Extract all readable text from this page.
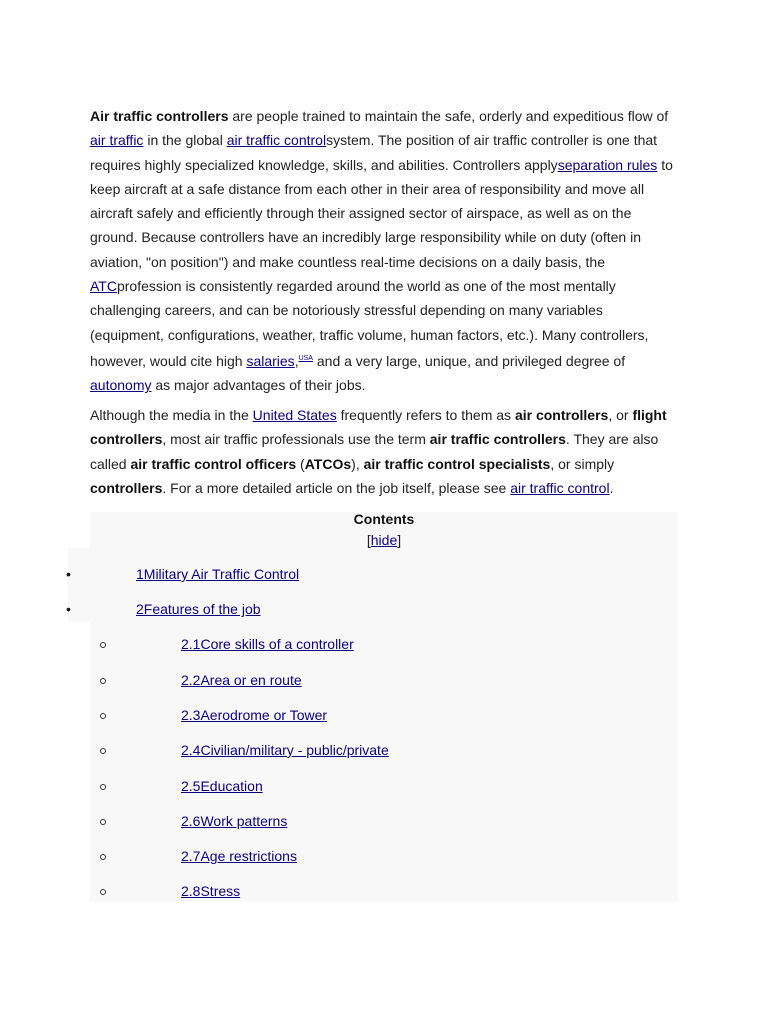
Air traffic controllers are people trained to maintain the safe, orderly and expeditious flow of air traffic in the global air traffic controlsystem. The position of air traffic controller is one that requires highly specialized knowledge, skills, and abilities. Controllers applyseparation rules to keep aircraft at a safe distance from each other in their area of responsibility and move all aircraft safely and efficiently through their assigned sector of airspace, as well as on the ground. Because controllers have an incredibly large responsibility while on duty (often in aviation, "on position") and make countless real-time decisions on a daily basis, the ATCprofession is consistently regarded around the world as one of the most mentally challenging careers, and can be notoriously stressful depending on many variables (equipment, configurations, weather, traffic volume, human factors, etc.). Many controllers, however, would cite high salaries,$^{USA}$ and a very large, unique, and privileged degree of autonomy as major advantages of their jobs.

Although the media in the United States frequently refers to them as air controllers, or flight controllers, most air traffic professionals use the term air traffic controllers. They are also called air traffic control officers (ATCOs), air traffic control specialists, or simply controllers. For a more detailed article on the job itself, please see air traffic control.

Contents
[hide]
•	1Military Air Traffic Control
•	2Features of the job
2.1Core skills of a controller
2.2Area or en route
2.3Aerodrome or Tower
2.4Civilian/military - public/private
2.5Education
2.6Work patterns
2.7Age restrictions
2.8Stress
